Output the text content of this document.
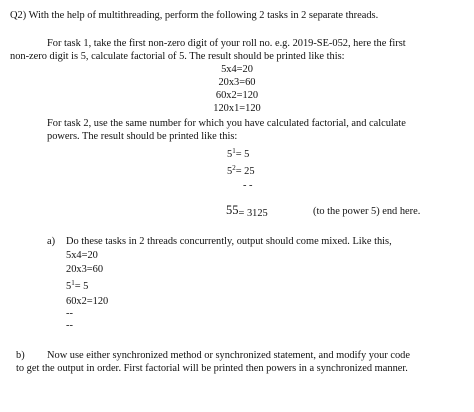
Q2) With the help of multithreading, perform the following 2 tasks in 2 separate threads.
For task 1, take the first non-zero digit of your roll no. e.g. 2019-SE-052, here the first
non-zero digit is 5, calculate factorial of 5. The result should be printed like this:
5x4=20
20x3=60
60x2=120
120x1=120
For task 2, use the same number for which you have calculated factorial, and calculate
powers. The result should be printed like this:
$5^1= 5$
$5^2= 25$
- -
55= 3125	(to the power 5) end here.
a) Do these tasks in 2 threads concurrently, output should come mixed. Like this,
5x4=20
20x3=60
$5^1= 5$
60x2=120
--
--
b) Now use either synchronized method or synchronized statement, and modify your code
to get the output in order. First factorial will be printed then powers in a synchronized manner.
